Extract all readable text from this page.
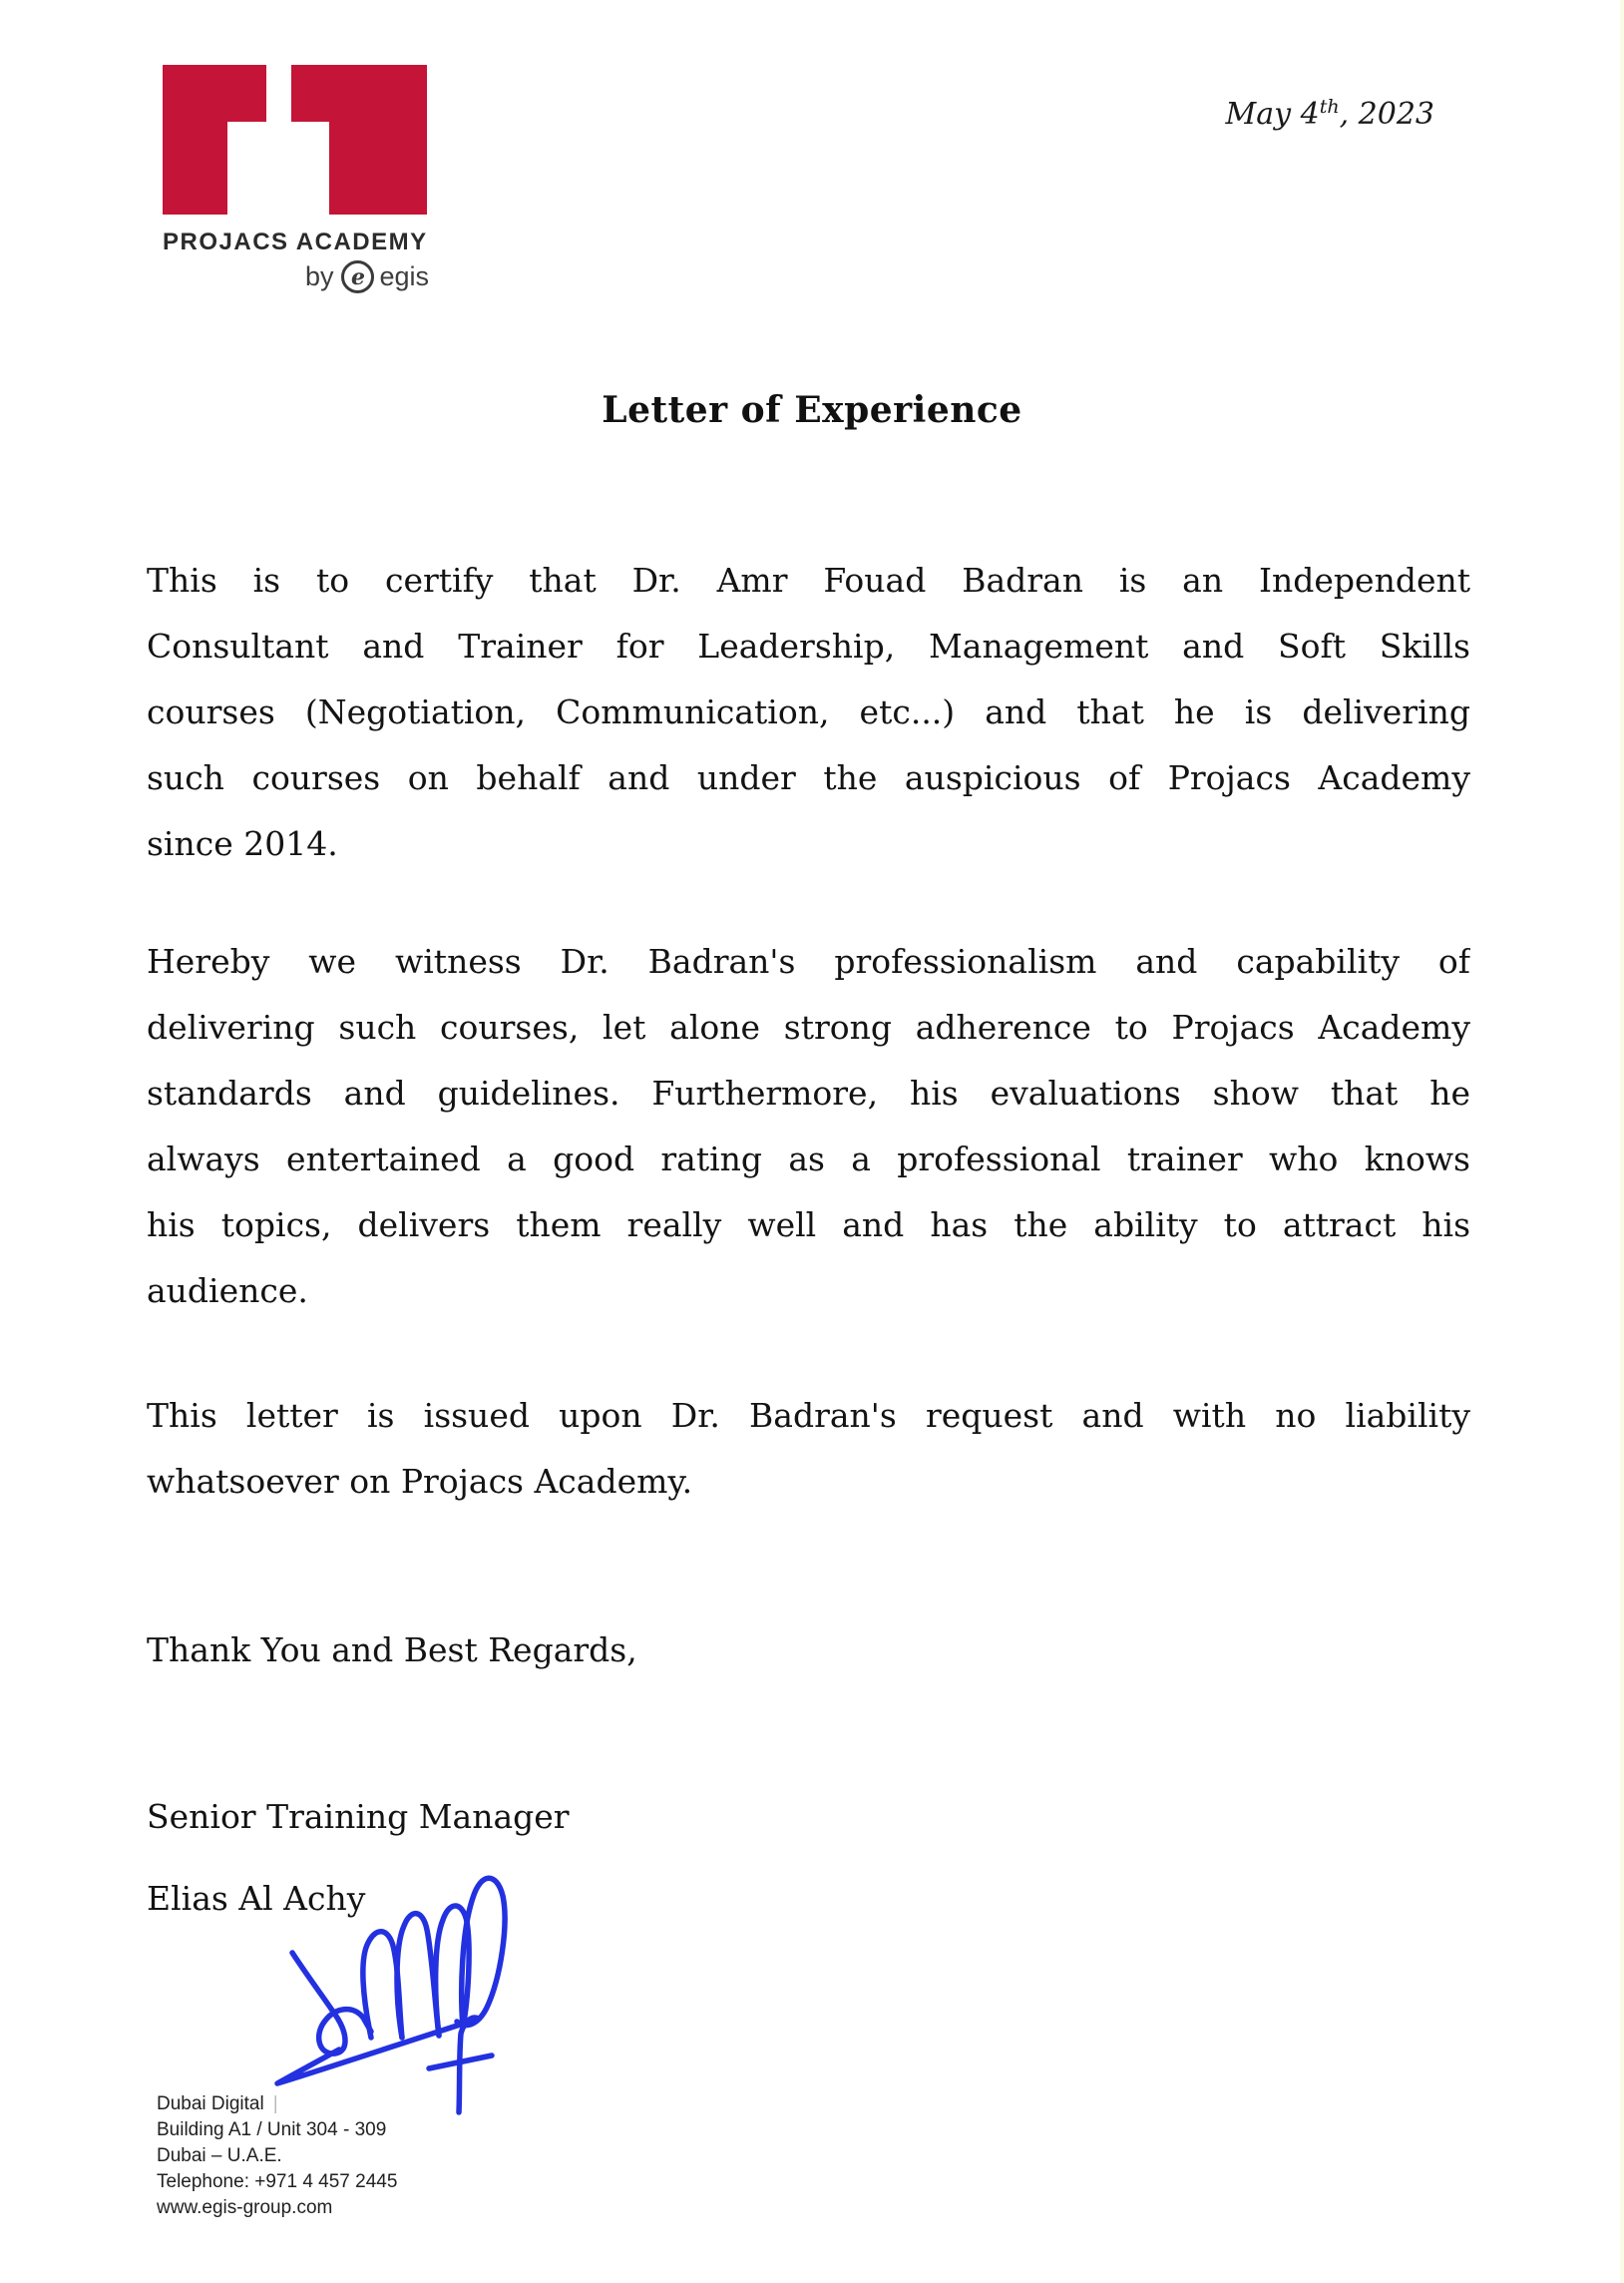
PROJACS ACADEMY
by e egis
May 4th, 2023
Letter of Experience
This is to certify that Dr. Amr Fouad Badran is an Independent
Consultant and Trainer for Leadership, Management and Soft Skills
courses (Negotiation, Communication, etc...) and that he is delivering
such courses on behalf and under the auspicious of Projacs Academy
since 2014.
Hereby we witness Dr. Badran's professionalism and capability of
delivering such courses, let alone strong adherence to Projacs Academy
standards and guidelines. Furthermore, his evaluations show that he
always entertained a good rating as a professional trainer who knows
his topics, delivers them really well and has the ability to attract his
audience.
This letter is issued upon Dr. Badran's request and with no liability
whatsoever on Projacs Academy.
Thank You and Best Regards,
Senior Training Manager
Elias Al Achy
Dubai Digital |
Building A1 / Unit 304 - 309
Dubai – U.A.E.
Telephone: +971 4 457 2445
www.egis-group.com
